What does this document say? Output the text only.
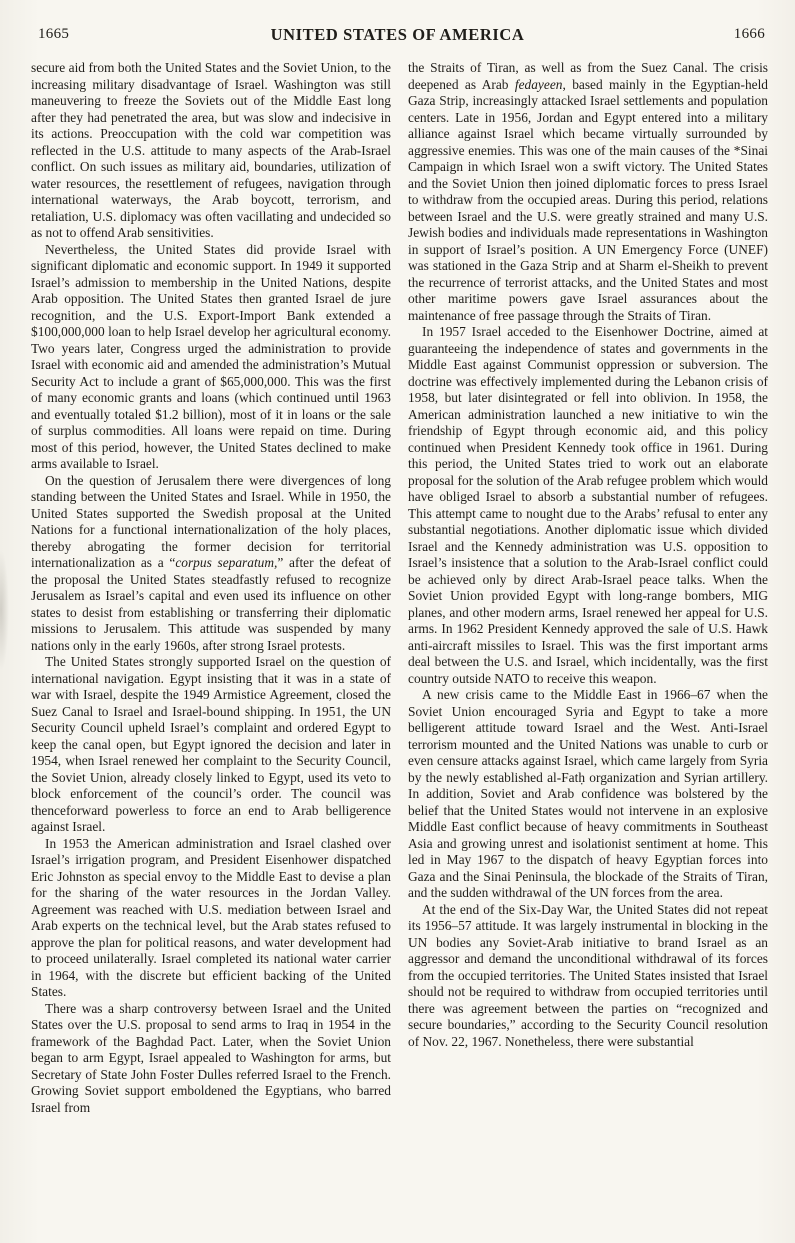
1665	UNITED STATES OF AMERICA	1666

secure aid from both the United States and the Soviet Union, to the increasing military disadvantage of Israel. Washington was still maneuvering to freeze the Soviets out of the Middle East long after they had penetrated the area, but was slow and indecisive in its actions. Preoccupation with the cold war competition was reflected in the U.S. attitude to many aspects of the Arab-Israel conflict. On such issues as military aid, boundaries, utilization of water resources, the resettlement of refugees, navigation through international waterways, the Arab boycott, terrorism, and retaliation, U.S. diplomacy was often vacillating and undecided so as not to offend Arab sensitivities.

Nevertheless, the United States did provide Israel with significant diplomatic and economic support. In 1949 it supported Israel’s admission to membership in the United Nations, despite Arab opposition. The United States then granted Israel de jure recognition, and the U.S. Export-Import Bank extended a $100,000,000 loan to help Israel develop her agricultural economy. Two years later, Congress urged the administration to provide Israel with economic aid and amended the administration’s Mutual Security Act to include a grant of $65,000,000. This was the first of many economic grants and loans (which continued until 1963 and eventually totaled $1.2 billion), most of it in loans or the sale of surplus commodities. All loans were repaid on time. During most of this period, however, the United States declined to make arms available to Israel.

On the question of Jerusalem there were divergences of long standing between the United States and Israel. While in 1950, the United States supported the Swedish proposal at the United Nations for a functional internationalization of the holy places, thereby abrogating the former decision for territorial internationalization as a “corpus separatum,” after the defeat of the proposal the United States steadfastly refused to recognize Jerusalem as Israel’s capital and even used its influence on other states to desist from establishing or transferring their diplomatic missions to Jerusalem. This attitude was suspended by many nations only in the early 1960s, after strong Israel protests.

The United States strongly supported Israel on the question of international navigation. Egypt insisting that it was in a state of war with Israel, despite the 1949 Armistice Agreement, closed the Suez Canal to Israel and Israel-bound shipping. In 1951, the UN Security Council upheld Israel’s complaint and ordered Egypt to keep the canal open, but Egypt ignored the decision and later in 1954, when Israel renewed her complaint to the Security Council, the Soviet Union, already closely linked to Egypt, used its veto to block enforcement of the council’s order. The council was thenceforward powerless to force an end to Arab belligerence against Israel.

In 1953 the American administration and Israel clashed over Israel’s irrigation program, and President Eisenhower dispatched Eric Johnston as special envoy to the Middle East to devise a plan for the sharing of the water resources in the Jordan Valley. Agreement was reached with U.S. mediation between Israel and Arab experts on the technical level, but the Arab states refused to approve the plan for political reasons, and water development had to proceed unilaterally. Israel completed its national water carrier in 1964, with the discrete but efficient backing of the United States.

There was a sharp controversy between Israel and the United States over the U.S. proposal to send arms to Iraq in 1954 in the framework of the Baghdad Pact. Later, when the Soviet Union began to arm Egypt, Israel appealed to Washington for arms, but Secretary of State John Foster Dulles referred Israel to the French. Growing Soviet support emboldened the Egyptians, who barred Israel from

the Straits of Tiran, as well as from the Suez Canal. The crisis deepened as Arab fedayeen, based mainly in the Egyptian-held Gaza Strip, increasingly attacked Israel settlements and population centers. Late in 1956, Jordan and Egypt entered into a military alliance against Israel which became virtually surrounded by aggressive enemies. This was one of the main causes of the *Sinai Campaign in which Israel won a swift victory. The United States and the Soviet Union then joined diplomatic forces to press Israel to withdraw from the occupied areas. During this period, relations between Israel and the U.S. were greatly strained and many U.S. Jewish bodies and individuals made representations in Washington in support of Israel’s position. A UN Emergency Force (UNEF) was stationed in the Gaza Strip and at Sharm el-Sheikh to prevent the recurrence of terrorist attacks, and the United States and most other maritime powers gave Israel assurances about the maintenance of free passage through the Straits of Tiran.

In 1957 Israel acceded to the Eisenhower Doctrine, aimed at guaranteeing the independence of states and governments in the Middle East against Communist oppression or subversion. The doctrine was effectively implemented during the Lebanon crisis of 1958, but later disintegrated or fell into oblivion. In 1958, the American administration launched a new initiative to win the friendship of Egypt through economic aid, and this policy continued when President Kennedy took office in 1961. During this period, the United States tried to work out an elaborate proposal for the solution of the Arab refugee problem which would have obliged Israel to absorb a substantial number of refugees. This attempt came to nought due to the Arabs’ refusal to enter any substantial negotiations. Another diplomatic issue which divided Israel and the Kennedy administration was U.S. opposition to Israel’s insistence that a solution to the Arab-Israel conflict could be achieved only by direct Arab-Israel peace talks. When the Soviet Union provided Egypt with long-range bombers, MIG planes, and other modern arms, Israel renewed her appeal for U.S. arms. In 1962 President Kennedy approved the sale of U.S. Hawk anti-aircraft missiles to Israel. This was the first important arms deal between the U.S. and Israel, which incidentally, was the first country outside NATO to receive this weapon.

A new crisis came to the Middle East in 1966–67 when the Soviet Union encouraged Syria and Egypt to take a more belligerent attitude toward Israel and the West. Anti-Israel terrorism mounted and the United Nations was unable to curb or even censure attacks against Israel, which came largely from Syria by the newly established al-Fatḥ organization and Syrian artillery. In addition, Soviet and Arab confidence was bolstered by the belief that the United States would not intervene in an explosive Middle East conflict because of heavy commitments in Southeast Asia and growing unrest and isolationist sentiment at home. This led in May 1967 to the dispatch of heavy Egyptian forces into Gaza and the Sinai Peninsula, the blockade of the Straits of Tiran, and the sudden withdrawal of the UN forces from the area.

At the end of the Six-Day War, the United States did not repeat its 1956–57 attitude. It was largely instrumental in blocking in the UN bodies any Soviet-Arab initiative to brand Israel as an aggressor and demand the unconditional withdrawal of its forces from the occupied territories. The United States insisted that Israel should not be required to withdraw from occupied territories until there was agreement between the parties on “recognized and secure boundaries,” according to the Security Council resolution of Nov. 22, 1967. Nonetheless, there were substantial
